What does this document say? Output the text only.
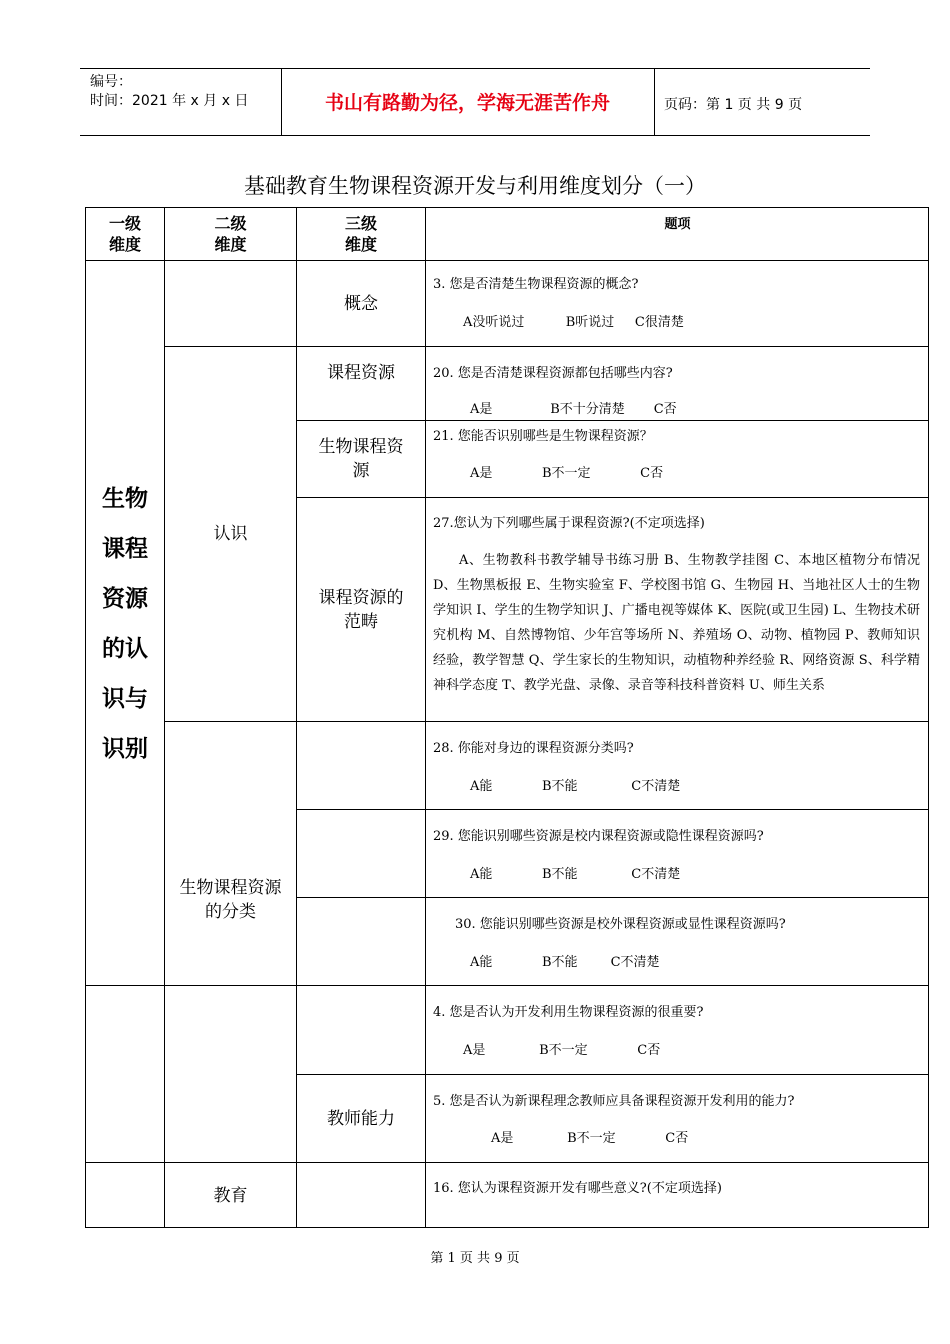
编号：
时间：2021 年 x 月 x 日	书山有路勤为径，学海无涯苦作舟	页码：第 1 页 共 9 页
基础教育生物课程资源开发与利用维度划分（一）
一级
维度
二级
维度
三级
维度
题项
生物
课程
资源
的认
识与
识别
认识
生物课程资源
的分类
教育
概念
课程资源
生物课程资
源
课程资源的
范畴
教师能力
3. 您是否清楚生物课程资源的概念?
A没听说过          B听说过     C很清楚
20. 您是否清楚课程资源都包括哪些内容?
A是              B不十分清楚       C否
21. 您能否识别哪些是生物课程资源？
A是            B不一定            C否
27.您认为下列哪些属于课程资源?(不定项选择)
A、生物教科书教学辅导书练习册 B、生物教学挂图 C、本地区植物分布情况 D、生物黑板报 E、生物实验室 F、学校图书馆 G、生物园 H、当地社区人士的生物学知识 I、学生的生物学知识 J、广播电视等媒体 K、医院(或卫生园) L、生物技术研究机构 M、自然博物馆、少年宫等场所 N、养殖场 O、动物、植物园 P、教师知识经验，教学智慧 Q、学生家长的生物知识，动植物种养经验 R、网络资源 S、科学精神科学态度 T、教学光盘、录像、录音等科技科普资料 U、师生关系
28. 你能对身边的课程资源分类吗?
A能            B不能             C不清楚
29. 您能识别哪些资源是校内课程资源或隐性课程资源吗?
A能            B不能             C不清楚
30. 您能识别哪些资源是校外课程资源或显性课程资源吗?
A能            B不能        C不清楚
4. 您是否认为开发利用生物课程资源的很重要?
A是             B不一定            C否
5. 您是否认为新课程理念教师应具备课程资源开发利用的能力?
A是             B不一定            C否
16. 您认为课程资源开发有哪些意义?(不定项选择)
第 1 页 共 9 页
